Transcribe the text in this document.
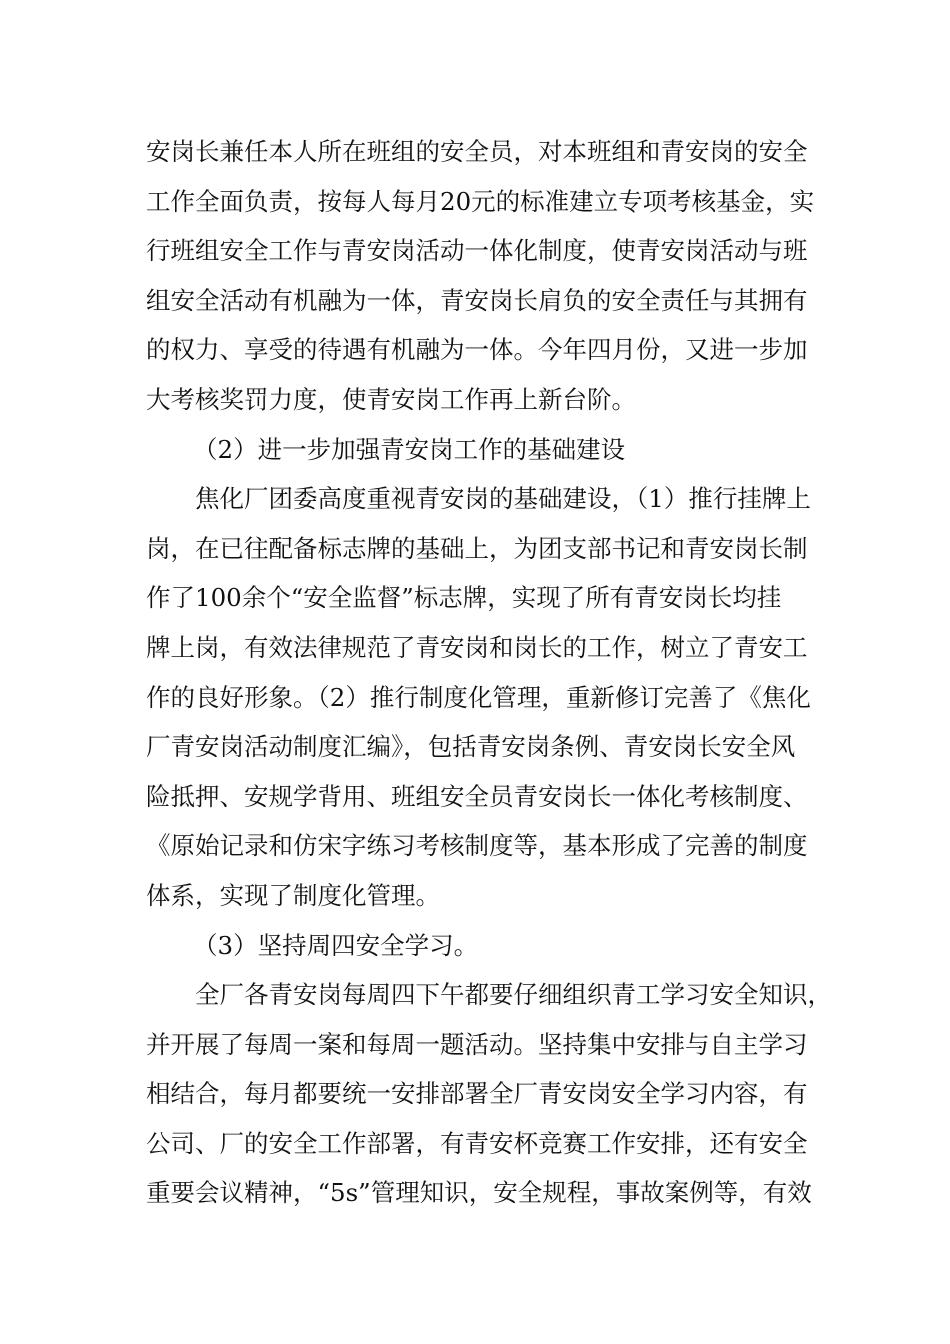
安岗长兼任本人所在班组的安全员，对本班组和青安岗的安全
工作全面负责，按每人每月20元的标准建立专项考核基金，实
行班组安全工作与青安岗活动一体化制度，使青安岗活动与班
组安全活动有机融为一体，青安岗长肩负的安全责任与其拥有
的权力、享受的待遇有机融为一体。今年四月份，又进一步加
大考核奖罚力度，使青安岗工作再上新台阶。
（2）进一步加强青安岗工作的基础建设
焦化厂团委高度重视青安岗的基础建设，（1）推行挂牌上
岗，在已往配备标志牌的基础上，为团支部书记和青安岗长制
作了100余个“安全监督”标志牌，实现了所有青安岗长均挂
牌上岗，有效法律规范了青安岗和岗长的工作，树立了青安工
作的良好形象。（2）推行制度化管理，重新修订完善了《焦化
厂青安岗活动制度汇编》，包括青安岗条例、青安岗长安全风
险抵押、安规学背用、班组安全员青安岗长一体化考核制度、
《原始记录和仿宋字练习考核制度等，基本形成了完善的制度
体系，实现了制度化管理。
（3）坚持周四安全学习。
全厂各青安岗每周四下午都要仔细组织青工学习安全知识，
并开展了每周一案和每周一题活动。坚持集中安排与自主学习
相结合，每月都要统一安排部署全厂青安岗安全学习内容，有
公司、厂的安全工作部署，有青安杯竞赛工作安排，还有安全
重要会议精神，“5s”管理知识，安全规程，事故案例等，有效
